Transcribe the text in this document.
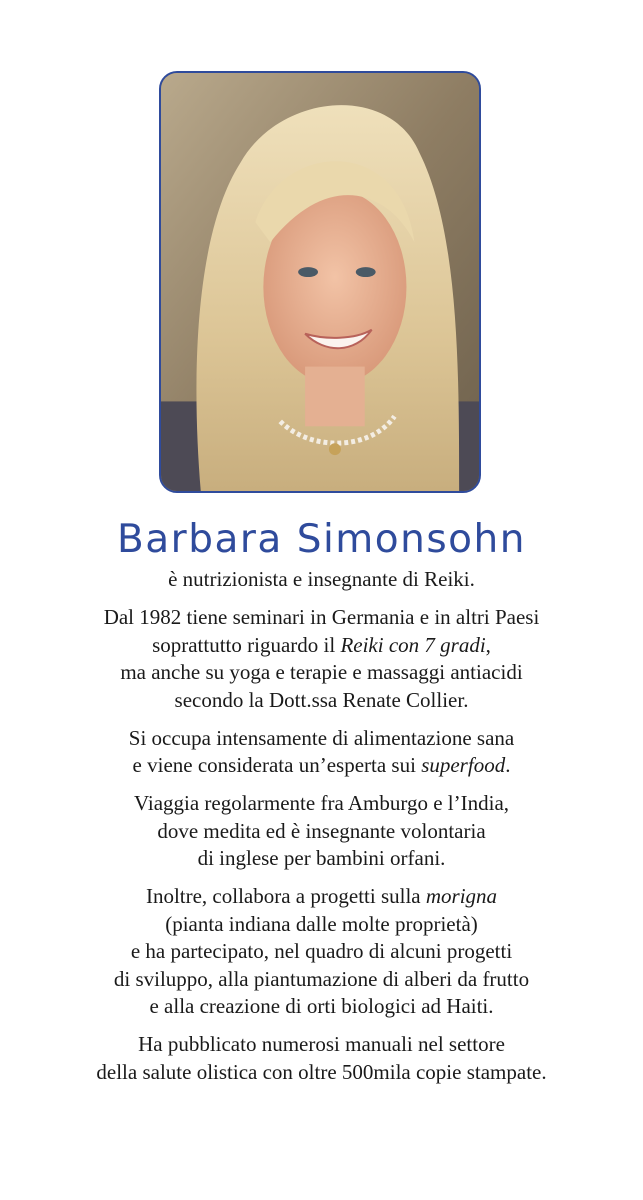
Barbara Simonsohn

è nutrizionista e insegnante di Reiki.

Dal 1982 tiene seminari in Germania e in altri Paesi
soprattutto riguardo il Reiki con 7 gradi,
ma anche su yoga e terapie e massaggi antiacidi
secondo la Dott.ssa Renate Collier.

Si occupa intensamente di alimentazione sana
e viene considerata un’esperta sui superfood.

Viaggia regolarmente fra Amburgo e l’India,
dove medita ed è insegnante volontaria
di inglese per bambini orfani.

Inoltre, collabora a progetti sulla morigna
(pianta indiana dalle molte proprietà)
e ha partecipato, nel quadro di alcuni progetti
di sviluppo, alla piantumazione di alberi da frutto
e alla creazione di orti biologici ad Haiti.

Ha pubblicato numerosi manuali nel settore
della salute olistica con oltre 500mila copie stampate.
